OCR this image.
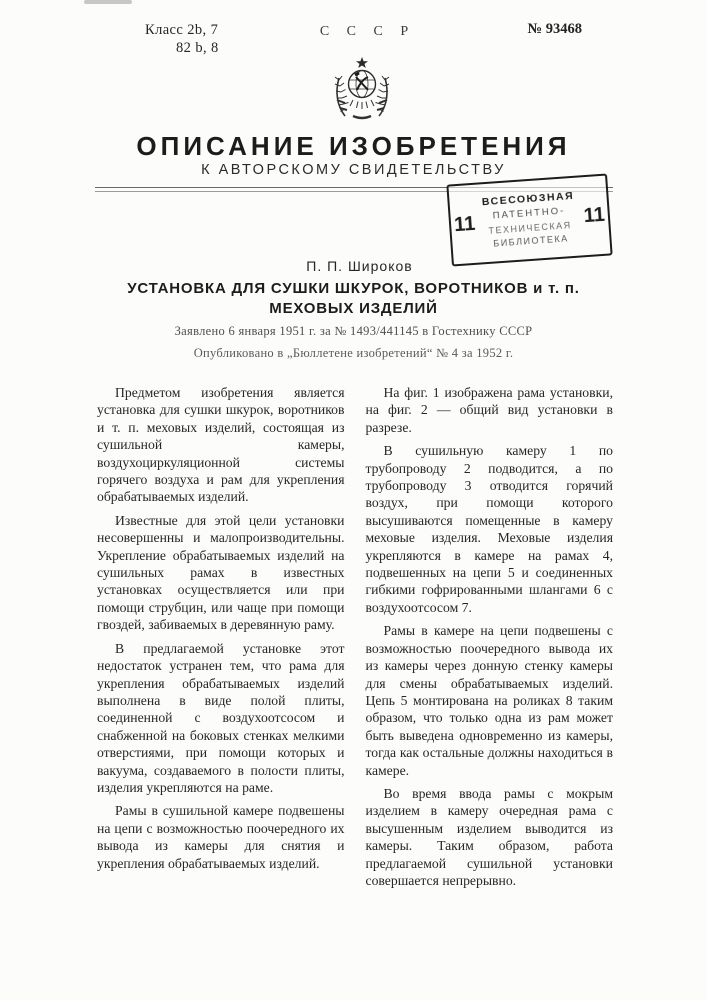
Класс 2b, 7
82 b, 8
С С С Р	№ 93468
ОПИСАНИЕ ИЗОБРЕТЕНИЯ
К АВТОРСКОМУ СВИДЕТЕЛЬСТВУ
11
ВСЕСОЮЗНАЯ
ПАТЕНТНО-
ТЕХНИЧЕСКАЯ
БИБЛИОТЕКА
11
П. П. Широков
УСТАНОВКА ДЛЯ СУШКИ ШКУРОК, ВОРОТНИКОВ и т. п.
МЕХОВЫХ ИЗДЕЛИЙ
Заявлено 6 января 1951 г. за № 1493/441145 в Гостехнику СССР
Опубликовано в „Бюллетене изобретений“ № 4 за 1952 г.

Предметом изобретения является установка для сушки шкурок, воротников и т. п. меховых изделий, состоящая из сушильной камеры, воздухоциркуляционной системы горячего воздуха и рам для укрепления обрабатываемых изделий.

Известные для этой цели установки несовершенны и малопроизводительны. Укрепление обрабатываемых изделий на сушильных рамах в известных установках осуществляется или при помощи струбцин, или чаще при помощи гвоздей, забиваемых в деревянную раму.

В предлагаемой установке этот недостаток устранен тем, что рама для укрепления обрабатываемых изделий выполнена в виде полой плиты, соединенной с воздухоотсосом и снабженной на боковых стенках мелкими отверстиями, при помощи которых и вакуума, создаваемого в полости плиты, изделия укрепляются на раме.

Рамы в сушильной камере подвешены на цепи с возможностью поочередного их вывода из камеры для снятия и укрепления обрабатываемых изделий.

На фиг. 1 изображена рама установки, на фиг. 2 — общий вид установки в разрезе.

В сушильную камеру 1 по трубопроводу 2 подводится, а по трубопроводу 3 отводится горячий воздух, при помощи которого высушиваются помещенные в камеру меховые изделия. Меховые изделия укрепляются в камере на рамах 4, подвешенных на цепи 5 и соединенных гибкими гофрированными шлангами 6 с воздухоотсосом 7.

Рамы в камере на цепи подвешены с возможностью поочередного вывода их из камеры через донную стенку камеры для смены обрабатываемых изделий. Цепь 5 монтирована на роликах 8 таким образом, что только одна из рам может быть выведена одновременно из камеры, тогда как остальные должны находиться в камере.

Во время ввода рамы с мокрым изделием в камеру очередная рама с высушенным изделием выводится из камеры. Таким образом, работа предлагаемой сушильной установки совершается непрерывно.
